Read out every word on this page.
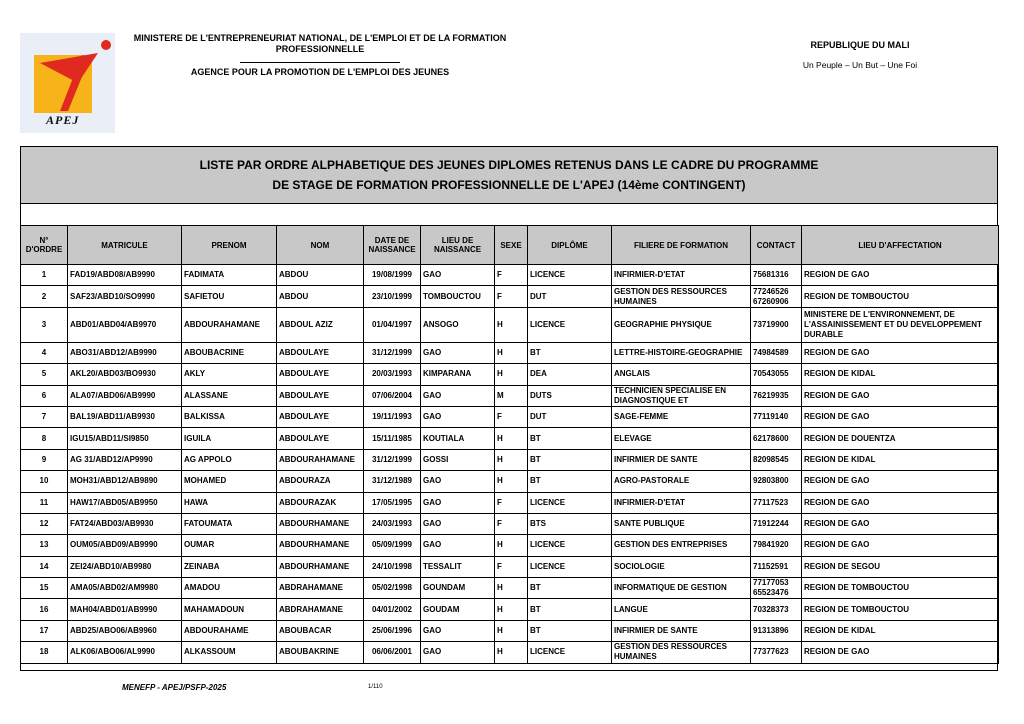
APEJ
MINISTERE DE L'ENTREPRENEURIAT NATIONAL, DE L'EMPLOI ET DE LA FORMATION
PROFESSIONNELLE
AGENCE POUR LA PROMOTION DE L'EMPLOI DES JEUNES
REPUBLIQUE DU MALI
Un Peuple – Un But – Une Foi
LISTE PAR ORDRE ALPHABETIQUE DES JEUNES DIPLOMES RETENUS DANS LE CADRE DU PROGRAMME
DE STAGE DE FORMATION PROFESSIONNELLE DE L'APEJ (14ème CONTINGENT)
N° D'ORDRE	MATRICULE	PRENOM	NOM	DATE DE NAISSANCE	LIEU DE NAISSANCE	SEXE	DIPLÔME	FILIERE DE FORMATION	CONTACT	LIEU D'AFFECTATION
1	FAD19/ABD08/AB9990	FADIMATA	ABDOU	19/08/1999	GAO	F	LICENCE	INFIRMIER-D'ETAT	75681316	REGION DE GAO
2	SAF23/ABD10/SO9990	SAFIETOU	ABDOU	23/10/1999	TOMBOUCTOU	F	DUT	GESTION DES RESSOURCES HUMAINES	77246526 67260906	REGION DE TOMBOUCTOU
3	ABD01/ABD04/AB9970	ABDOURAHAMANE	ABDOUL AZIZ	01/04/1997	ANSOGO	H	LICENCE	GEOGRAPHIE PHYSIQUE	73719900	MINISTERE DE L'ENVIRONNEMENT, DE L'ASSAINISSEMENT ET DU DEVELOPPEMENT DURABLE
4	ABO31/ABD12/AB9990	ABOUBACRINE	ABDOULAYE	31/12/1999	GAO	H	BT	LETTRE-HISTOIRE-GEOGRAPHIE	74984589	REGION DE GAO
5	AKL20/ABD03/BO9930	AKLY	ABDOULAYE	20/03/1993	KIMPARANA	H	DEA	ANGLAIS	70543055	REGION DE KIDAL
6	ALA07/ABD06/AB9990	ALASSANE	ABDOULAYE	07/06/2004	GAO	M	DUTS	TECHNICIEN SPECIALISE EN DIAGNOSTIQUE ET	76219935	REGION DE GAO
7	BAL19/ABD11/AB9930	BALKISSA	ABDOULAYE	19/11/1993	GAO	F	DUT	SAGE-FEMME	77119140	REGION DE GAO
8	IGU15/ABD11/SI9850	IGUILA	ABDOULAYE	15/11/1985	KOUTIALA	H	BT	ELEVAGE	62178600	REGION DE DOUENTZA
9	AG 31/ABD12/AP9990	AG APPOLO	ABDOURAHAMANE	31/12/1999	GOSSI	H	BT	INFIRMIER DE SANTE	82098545	REGION DE KIDAL
10	MOH31/ABD12/AB9890	MOHAMED	ABDOURAZA	31/12/1989	GAO	H	BT	AGRO-PASTORALE	92803800	REGION DE GAO
11	HAW17/ABD05/AB9950	HAWA	ABDOURAZAK	17/05/1995	GAO	F	LICENCE	INFIRMIER-D'ETAT	77117523	REGION DE GAO
12	FAT24/ABD03/AB9930	FATOUMATA	ABDOURHAMANE	24/03/1993	GAO	F	BTS	SANTE PUBLIQUE	71912244	REGION DE GAO
13	OUM05/ABD09/AB9990	OUMAR	ABDOURHAMANE	05/09/1999	GAO	H	LICENCE	GESTION DES ENTREPRISES	79841920	REGION DE GAO
14	ZEI24/ABD10/AB9980	ZEINABA	ABDOURHAMANE	24/10/1998	TESSALIT	F	LICENCE	SOCIOLOGIE	71152591	REGION DE SEGOU
15	AMA05/ABD02/AM9980	AMADOU	ABDRAHAMANE	05/02/1998	GOUNDAM	H	BT	INFORMATIQUE DE GESTION	77177053 65523476	REGION DE TOMBOUCTOU
16	MAH04/ABD01/AB9990	MAHAMADOUN	ABDRAHAMANE	04/01/2002	GOUDAM	H	BT	LANGUE	70328373	REGION DE TOMBOUCTOU
17	ABD25/ABO06/AB9960	ABDOURAHAME	ABOUBACAR	25/06/1996	GAO	H	BT	INFIRMIER DE SANTE	91313896	REGION DE KIDAL
18	ALK06/ABO06/AL9990	ALKASSOUM	ABOUBAKRINE	06/06/2001	GAO	H	LICENCE	GESTION DES RESSOURCES HUMAINES	77377623	REGION DE GAO
MENEFP - APEJ/PSFP-2025	1/110
